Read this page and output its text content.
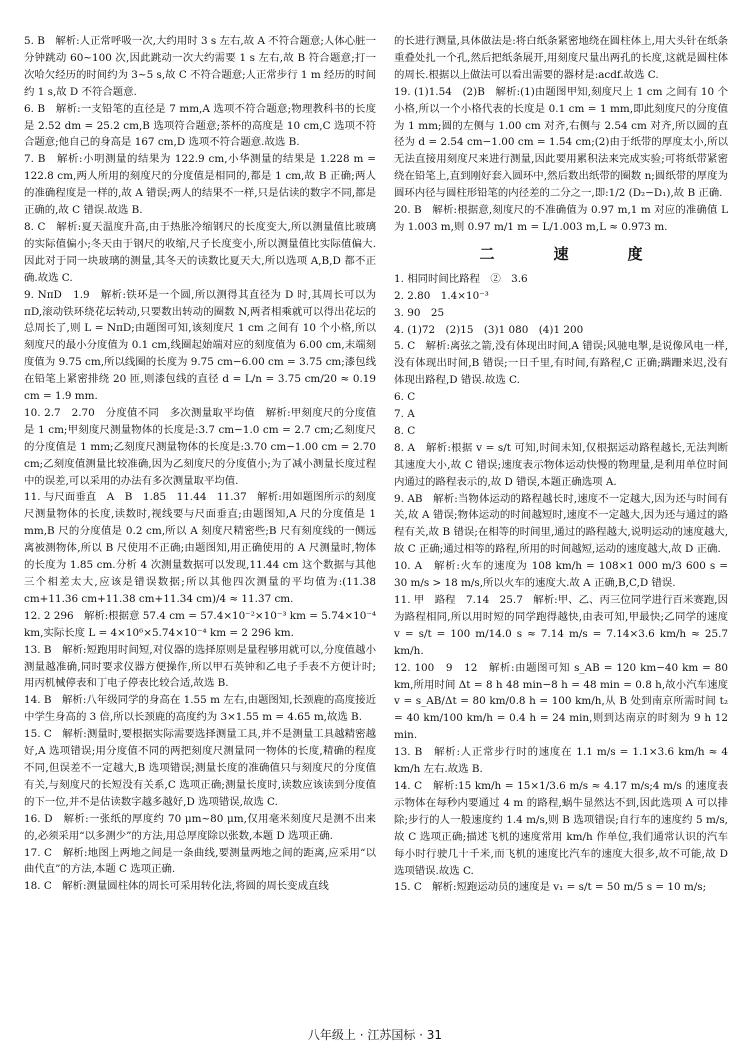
5. B　解析:人正常呼吸一次,大约用时 3 s 左右,故 A 不符合题意;人体心脏一分钟跳动 60~100 次,因此跳动一次大约需要 1 s 左右,故 B 符合题意;打一次哈欠经历的时间约为 3~5 s,故 C 不符合题意;人正常步行 1 m 经历的时间约 1 s,故 D 不符合题意.

6. B　解析:一支铅笔的直径是 7 mm,A 选项不符合题意;物理教科书的长度是 2.52 dm = 25.2 cm,B 选项符合题意;茶杯的高度是 10 cm,C 选项不符合题意;他自己的身高是 167 cm,D 选项不符合题意.故选 B.

7. B　解析:小明测量的结果为 122.9 cm,小华测量的结果是 1.228 m = 122.8 cm,两人所用的刻度尺的分度值是相同的,都是 1 cm,故 B 正确;两人的准确程度是一样的,故 A 错误;两人的结果不一样,只是估读的数字不同,都是正确的,故 C 错误.故选 B.

8. C　解析:夏天温度升高,由于热胀冷缩钢尺的长度变大,所以测量值比玻璃的实际值偏小;冬天由于钢尺的收缩,尺子长度变小,所以测量值比实际值偏大.因此对于同一块玻璃的测量,其冬天的读数比夏天大,所以选项 A,B,D 都不正确.故选 C.

9. NπD　1.9　解析:铁环是一个圆,所以测得其直径为 D 时,其周长可以为 πD,滚动铁环绕花坛转动,只要数出转动的圈数 N,两者相乘就可以得出花坛的总周长了,则 L = NπD;由题图可知,该刻度尺 1 cm 之间有 10 个小格,所以刻度尺的最小分度值为 0.1 cm,线圈起始端对应的刻度值为 6.00 cm,末端刻度值为 9.75 cm,所以线圈的长度为 9.75 cm−6.00 cm = 3.75 cm;漆包线在铅笔上紧密排绕 20 匝,则漆包线的直径 d = L/n = 3.75 cm/20 ≈ 0.19 cm = 1.9 mm.

10. 2.7　2.70　分度值不同　多次测量取平均值　解析:甲刻度尺的分度值是 1 cm;甲刻度尺测量物体的长度是:3.7 cm−1.0 cm = 2.7 cm;乙刻度尺的分度值是 1 mm;乙刻度尺测量物体的长度是:3.70 cm−1.00 cm = 2.70 cm;乙刻度值测量比较准确,因为乙刻度尺的分度值小;为了减小测量长度过程中的误差,可以采用的办法有多次测量取平均值.

11. 与尺面垂直　A　B　1.85　11.44　11.37　解析:用如题图所示的刻度尺测量物体的长度,读数时,视线要与尺面垂直;由题图知,A 尺的分度值是 1 mm,B 尺的分度值是 0.2 cm,所以 A 刻度尺精密些;B 尺有刻度线的一侧远离被测物体,所以 B 尺使用不正确;由题图知,用正确使用的 A 尺测量时,物体的长度为 1.85 cm.分析 4 次测量数据可以发现,11.44 cm 这个数据与其他三个相差太大,应该是错误数据;所以其他四次测量的平均值为:(11.38 cm+11.36 cm+11.38 cm+11.34 cm)/4 ≈ 11.37 cm.

12. 2 296　解析:根据意 57.4 cm = 57.4×10⁻²×10⁻³ km = 5.74×10⁻⁴ km,实际长度 L = 4×10⁶×5.74×10⁻⁴ km = 2 296 km.

13. B　解析:短跑用时间短,对仪器的选择原则是量程够用就可以,分度值越小测量越准确,同时要求仪器方便操作,所以甲石英钟和乙电子手表不方便计时;用丙机械停表和丁电子停表比较合适,故选 B.

14. B　解析:八年级同学的身高在 1.55 m 左右,由题图知,长颈鹿的高度接近中学生身高的 3 倍,所以长颈鹿的高度约为 3×1.55 m = 4.65 m,故选 B.

15. C　解析:测量时,要根据实际需要选择测量工具,并不是测量工具越精密越好,A 选项错误;用分度值不同的两把刻度尺测量同一物体的长度,精确的程度不同,但误差不一定越大,B 选项错误;测量长度的准确值只与刻度尺的分度值有关,与刻度尺的长短没有关系,C 选项正确;测量长度时,读数应该读到分度值的下一位,并不是估读数字越多越好,D 选项错误,故选 C.

16. D　解析:一张纸的厚度约 70 μm~80 μm,仅用毫米刻度尺是测不出来的,必须采用“以多测少”的方法,用总厚度除以张数,本题 D 选项正确.

17. C　解析:地图上两地之间是一条曲线,要测量两地之间的距离,应采用“以曲代直”的方法,本题 C 选项正确.

18. C　解析:测量圆柱体的周长可采用转化法,将圆的周长变成直线

的长进行测量,具体做法是:将白纸条紧密地绕在圆柱体上,用大头针在纸条重叠处扎一个孔,然后把纸条展开,用刻度尺量出两孔的长度,这就是圆柱体的周长.根据以上做法可以看出需要的器材是:acdf.故选 C.

19. (1)1.54　(2)B　解析:(1)由题图甲知,刻度尺上 1 cm 之间有 10 个小格,所以一个小格代表的长度是 0.1 cm = 1 mm,即此刻度尺的分度值为 1 mm;圆的左侧与 1.00 cm 对齐,右侧与 2.54 cm 对齐,所以圆的直径为 d = 2.54 cm−1.00 cm = 1.54 cm;(2)由于纸带的厚度太小,所以无法直接用刻度尺来进行测量,因此要用累积法来完成实验;可将纸带紧密绕在铅笔上,直到刚好套入圆环中,然后数出纸带的圈数 n;圆纸带的厚度为圆环内径与圆柱形铅笔的内径差的二分之一,即:1/2 (D₂−D₁),故 B 正确.

20. B　解析:根据意,刻度尺的不准确值为 0.97 m,1 m 对应的准确值 L 为 1.003 m,则 0.97 m/1 m = L/1.003 m,L ≈ 0.973 m.

二　速　度

1. 相同时间比路程　②　3.6

2. 2.80　1.4×10⁻³

3. 90　25

4. (1)72　(2)15　(3)1 080　(4)1 200

5. C　解析:离弦之箭,没有体现出时间,A 错误;风驰电掣,是说像风电一样,没有体现出时间,B 错误;一日千里,有时间,有路程,C 正确;蹒跚来迟,没有体现出路程,D 错误.故选 C.

6. C

7. A

8. C

8. A　解析:根据 v = s/t 可知,时间未知,仅根据运动路程越长,无法判断其速度大小,故 C 错误;速度表示物体运动快慢的物理量,是利用单位时间内通过的路程表示的,故 D 错误,本题正确选项 A.

9. AB　解析:当物体运动的路程越长时,速度不一定越大,因为还与时间有关,故 A 错误;物体运动的时间越短时,速度不一定越大,因为还与通过的路程有关,故 B 错误;在相等的时间里,通过的路程越大,说明运动的速度越大,故 C 正确;通过相等的路程,所用的时间越短,运动的速度越大,故 D 正确.

10. A　解析:火车的速度为 108 km/h = 108×1 000 m/3 600 s = 30 m/s > 18 m/s,所以火车的速度大.故 A 正确,B,C,D 错误.

11. 甲　路程　7.14　25.7　解析:甲、乙、丙三位同学进行百米赛跑,因为路程相同,所以用时短的同学跑得越快,由表可知,甲最快;乙同学的速度 v = s/t = 100 m/14.0 s ≈ 7.14 m/s = 7.14×3.6 km/h ≈ 25.7 km/h.

12. 100　9　12　解析:由题图可知 s_AB = 120 km−40 km = 80 km,所用时间 Δt = 8 h 48 min−8 h = 48 min = 0.8 h,故小汽车速度 v = s_AB/Δt = 80 km/0.8 h = 100 km/h,从 B 处到南京所需时间 t₂ = 40 km/100 km/h = 0.4 h = 24 min,则到达南京的时刻为 9 h 12 min.

13. B　解析:人正常步行时的速度在 1.1 m/s = 1.1×3.6 km/h ≈ 4 km/h 左右.故选 B.

14. C　解析:15 km/h = 15×1/3.6 m/s ≈ 4.17 m/s;4 m/s 的速度表示物体在每秒内要通过 4 m 的路程,蜗牛显然达不到,因此选项 A 可以排除;步行的人一般速度约 1.4 m/s,则 B 选项错误;自行车的速度约 5 m/s,故 C 选项正确;描述飞机的速度常用 km/h 作单位,我们通常认识的汽车每小时行驶几十千米,而飞机的速度比汽车的速度大很多,故不可能,故 D 选项错误.故选 C.

15. C　解析:短跑运动员的速度是 v₁ = s/t = 50 m/5 s = 10 m/s;

八年级上 · 江苏国标 · 31
